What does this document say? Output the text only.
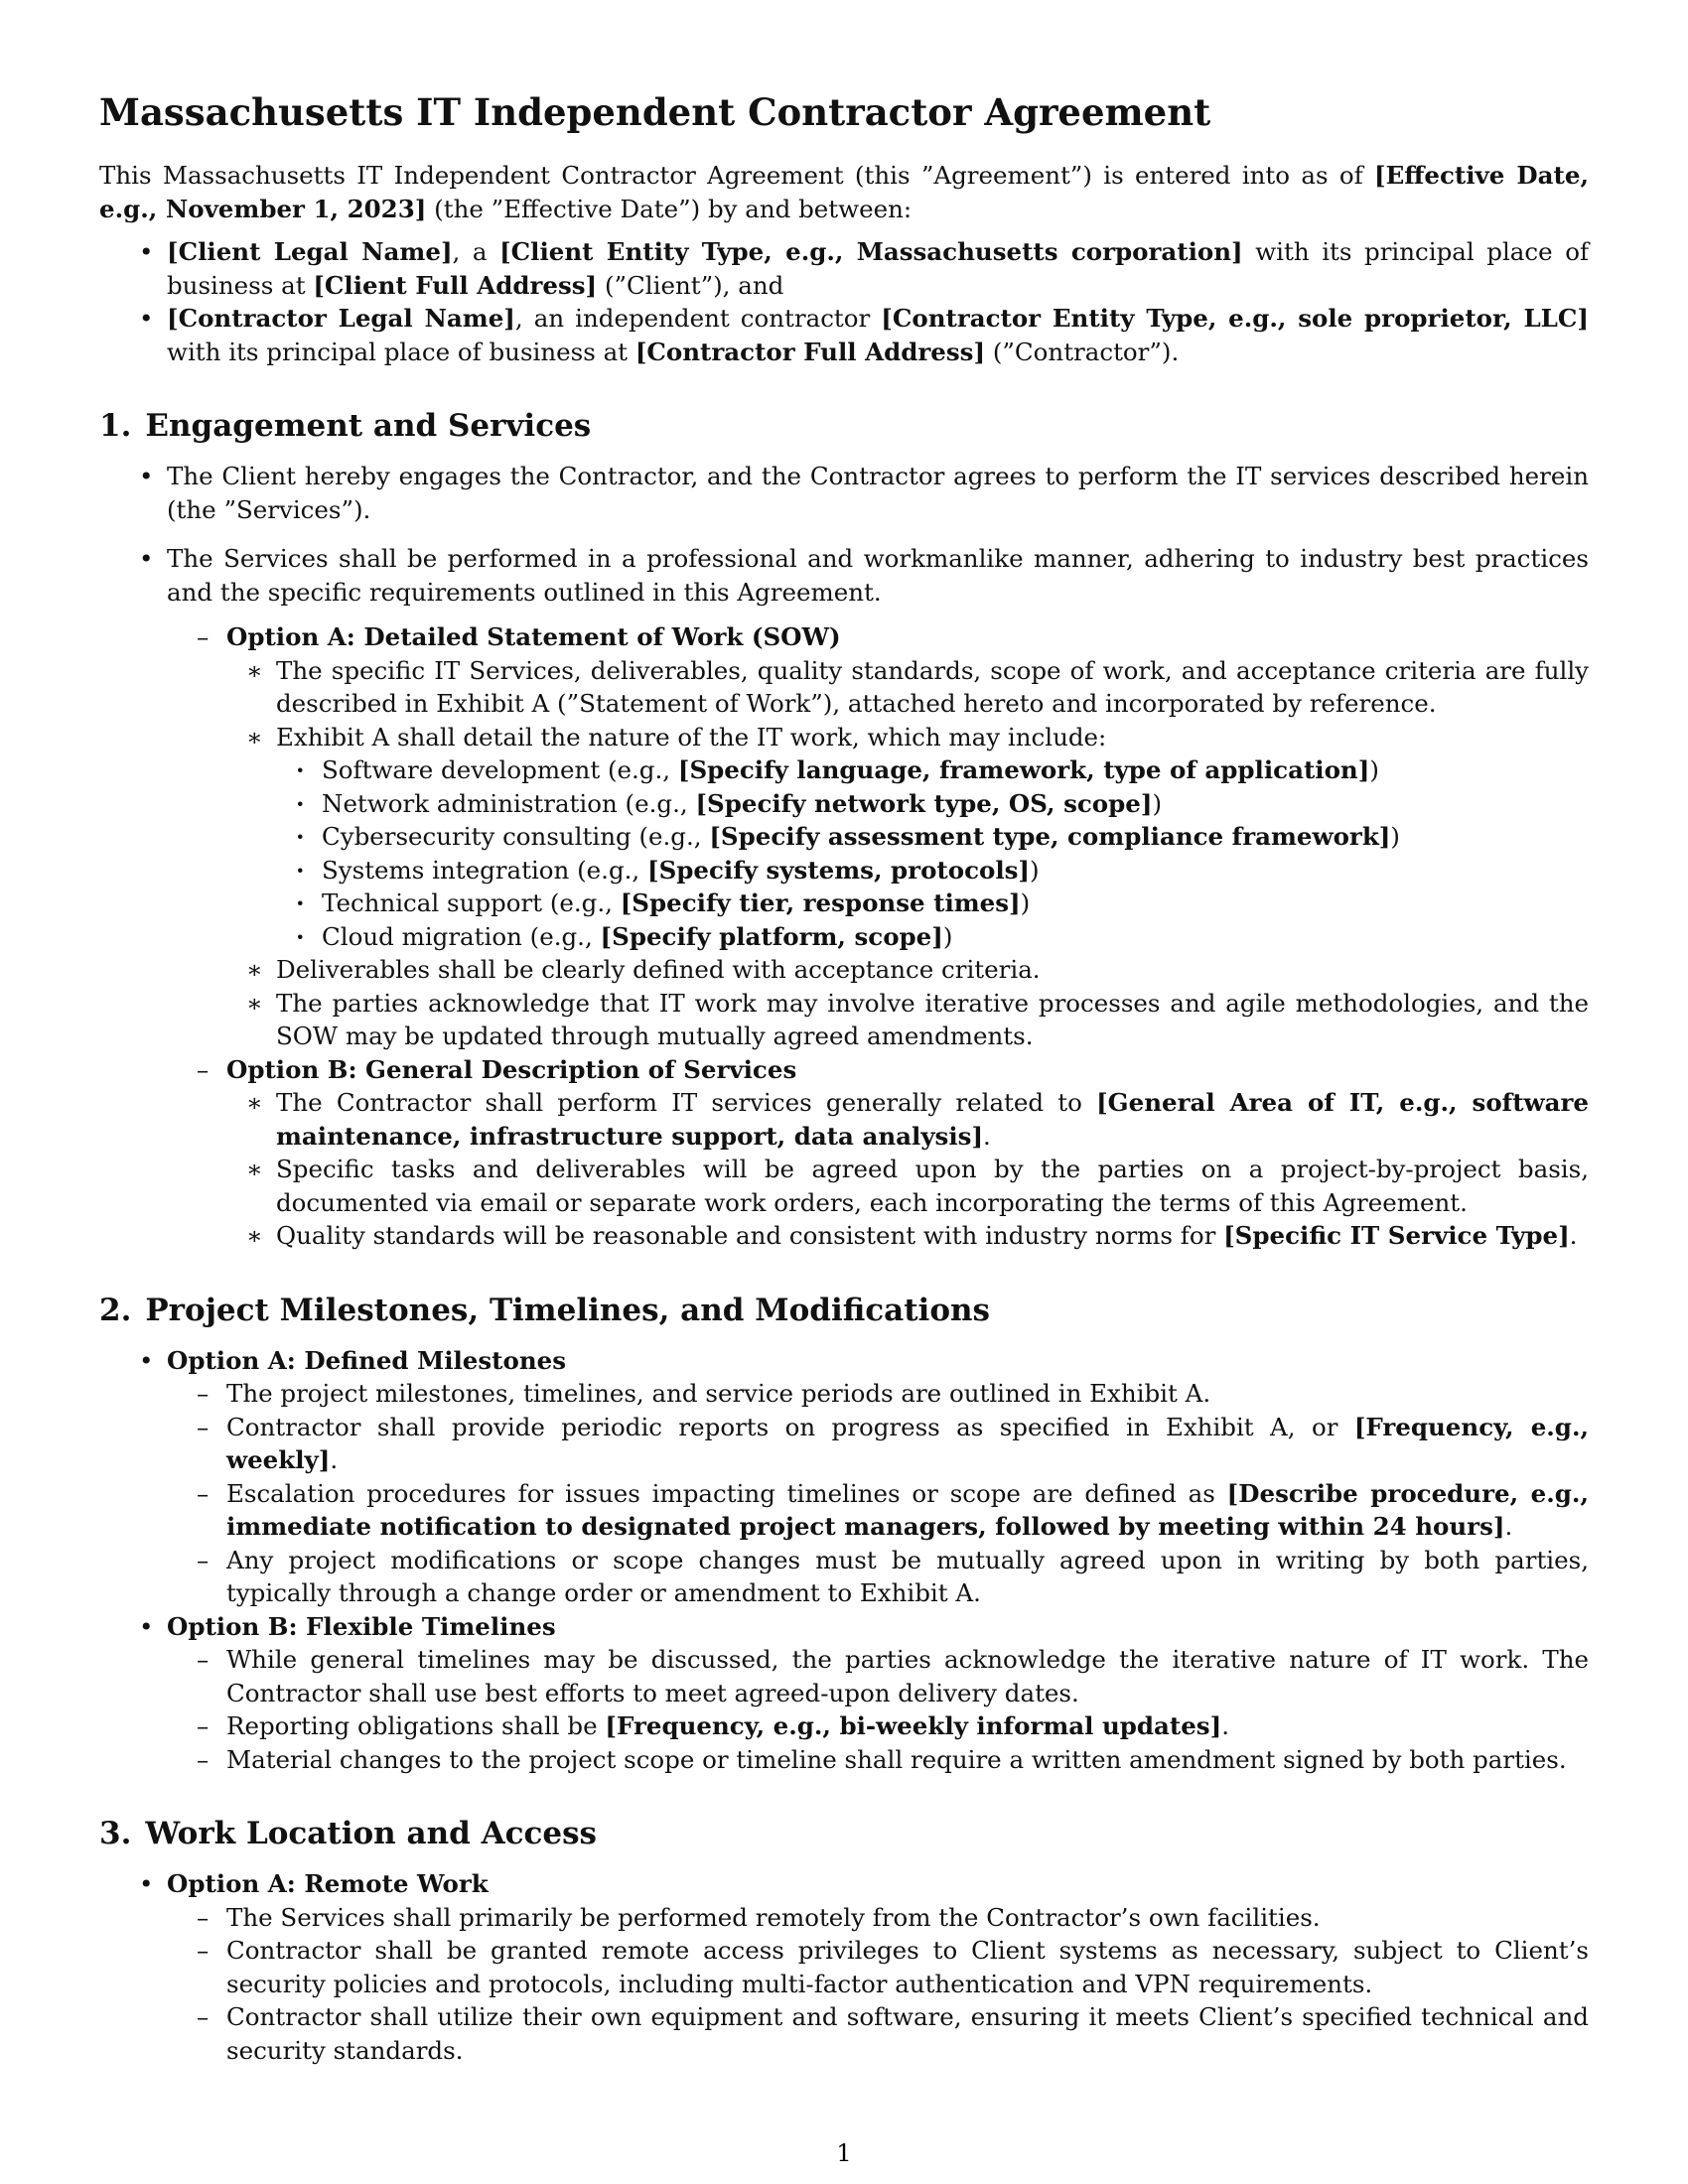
Massachusetts IT Independent Contractor Agreement

This Massachusetts IT Independent Contractor Agreement (this ”Agreement”) is entered into as of [Effective Date, e.g., November 1, 2023] (the ”Effective Date”) by and between:

• [Client Legal Name], a [Client Entity Type, e.g., Massachusetts corporation] with its principal place of business at [Client Full Address] (”Client”), and
• [Contractor Legal Name], an independent contractor [Contractor Entity Type, e.g., sole proprietor, LLC] with its principal place of business at [Contractor Full Address] (”Contractor”).
1. Engagement and Services
• The Client hereby engages the Contractor, and the Contractor agrees to perform the IT services described herein (the ”Services”).
• The Services shall be performed in a professional and workmanlike manner, adhering to industry best practices and the specific requirements outlined in this Agreement.
– Option A: Detailed Statement of Work (SOW)
∗ The specific IT Services, deliverables, quality standards, scope of work, and acceptance criteria are fully described in Exhibit A (”Statement of Work”), attached hereto and incorporated by reference.
∗ Exhibit A shall detail the nature of the IT work, which may include:
· Software development (e.g., [Specify language, framework, type of application])
· Network administration (e.g., [Specify network type, OS, scope])
· Cybersecurity consulting (e.g., [Specify assessment type, compliance framework])
· Systems integration (e.g., [Specify systems, protocols])
· Technical support (e.g., [Specify tier, response times])
· Cloud migration (e.g., [Specify platform, scope])
∗ Deliverables shall be clearly defined with acceptance criteria.
∗ The parties acknowledge that IT work may involve iterative processes and agile methodologies, and the SOW may be updated through mutually agreed amendments.
– Option B: General Description of Services
∗ The Contractor shall perform IT services generally related to [General Area of IT, e.g., software maintenance, infrastructure support, data analysis].
∗ Specific tasks and deliverables will be agreed upon by the parties on a project-by-project basis, documented via email or separate work orders, each incorporating the terms of this Agreement.
∗ Quality standards will be reasonable and consistent with industry norms for [Specific IT Service Type].
2. Project Milestones, Timelines, and Modifications
• Option A: Defined Milestones
– The project milestones, timelines, and service periods are outlined in Exhibit A.
– Contractor shall provide periodic reports on progress as specified in Exhibit A, or [Frequency, e.g., weekly].
– Escalation procedures for issues impacting timelines or scope are defined as [Describe procedure, e.g., immediate notification to designated project managers, followed by meeting within 24 hours].
– Any project modifications or scope changes must be mutually agreed upon in writing by both parties, typically through a change order or amendment to Exhibit A.
• Option B: Flexible Timelines
– While general timelines may be discussed, the parties acknowledge the iterative nature of IT work. The Contractor shall use best efforts to meet agreed-upon delivery dates.
– Reporting obligations shall be [Frequency, e.g., bi-weekly informal updates].
– Material changes to the project scope or timeline shall require a written amendment signed by both parties.
3. Work Location and Access
• Option A: Remote Work
– The Services shall primarily be performed remotely from the Contractor’s own facilities.
– Contractor shall be granted remote access privileges to Client systems as necessary, subject to Client’s security policies and protocols, including multi-factor authentication and VPN requirements.
– Contractor shall utilize their own equipment and software, ensuring it meets Client’s specified technical and security standards.
1
